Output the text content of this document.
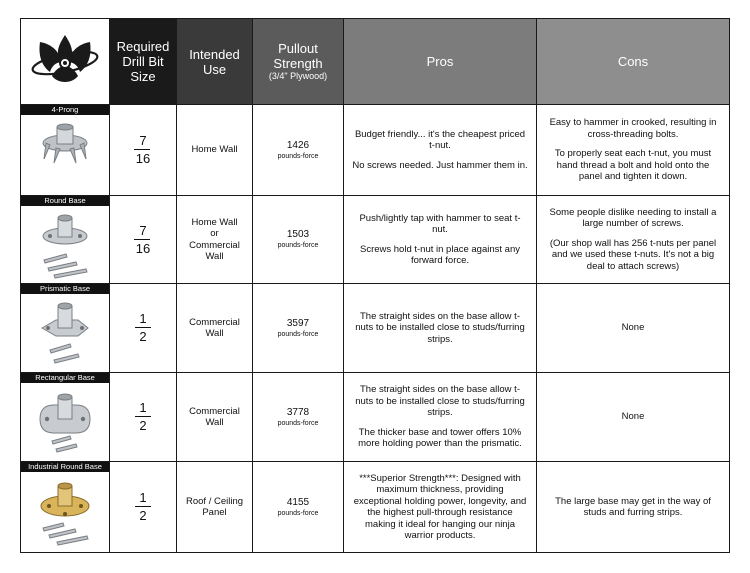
	Required
Drill Bit
Size	Intended
Use	Pullout
Strength
(3/4" Plywood)	Pros	Cons

4-Prong	$\frac{7}{16}$	Home Wall	1426
pounds-force	Budget friendly... it's the cheapest priced t-nut.
No screws needed. Just hammer them in.	Easy to hammer in crooked, resulting in cross-threading bolts.
To properly seat each t-nut, you must hand thread a bolt and hold onto the panel and tighten it down.

Round Base	$\frac{7}{16}$	Home Wall
or
Commercial
Wall	1503
pounds-force	Push/lightly tap with hammer to seat t-nut.
Screws hold t-nut in place against any forward force.	Some people dislike needing to install a large number of screws.
(Our shop wall has 256 t-nuts per panel and we used these t-nuts. It's not a big deal to attach screws)

Prismatic Base	$\frac{1}{2}$	Commercial
Wall	3597
pounds-force	The straight sides on the base allow t-nuts to be installed close to studs/furring strips.	None

Rectangular Base	$\frac{1}{2}$	Commercial
Wall	3778
pounds-force	The straight sides on the base allow t-nuts to be installed close to studs/furring strips.
The thicker base and tower offers 10% more holding power than the prismatic.	None

Industrial Round Base	$\frac{1}{2}$	Roof / Ceiling
Panel	4155
pounds-force	***Superior Strength***: Designed with maximum thickness, providing exceptional holding power, longevity, and the highest pull-through resistance making it ideal for hanging our ninja warrior products.	The large base may get in the way of studs and furring strips.
